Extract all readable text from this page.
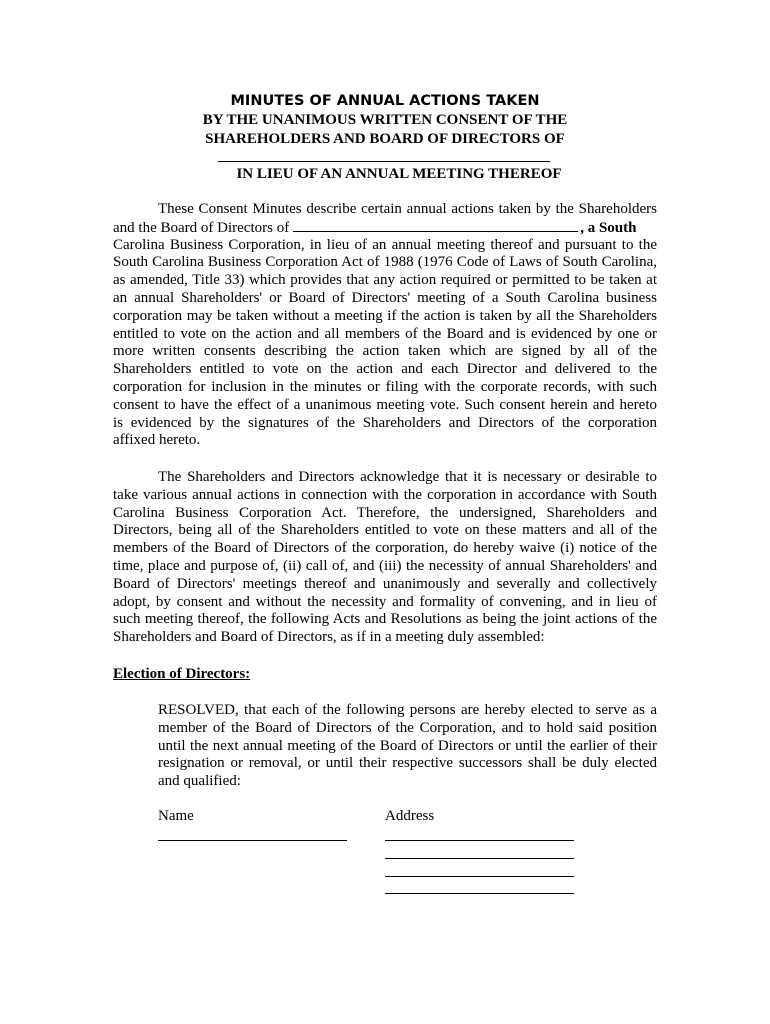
MINUTES OF ANNUAL ACTIONS TAKEN
BY THE UNANIMOUS WRITTEN CONSENT OF THE
SHAREHOLDERS AND BOARD OF DIRECTORS OF
IN LIEU OF AN ANNUAL MEETING THEREOF
These Consent Minutes describe certain annual actions taken by the Shareholders
and the Board of Directors of	, a South
Carolina Business Corporation, in lieu of an annual meeting thereof and pursuant to the
South Carolina Business Corporation Act of 1988 (1976 Code of Laws of South Carolina,
as amended, Title 33) which provides that any action required or permitted to be taken at
an annual Shareholders' or Board of Directors' meeting of a South Carolina business
corporation may be taken without a meeting if the action is taken by all the Shareholders
entitled to vote on the action and all members of the Board and is evidenced by one or
more written consents describing the action taken which are signed by all of the
Shareholders entitled to vote on the action and each Director and delivered to the
corporation for inclusion in the minutes or filing with the corporate records, with such
consent to have the effect of a unanimous meeting vote. Such consent herein and hereto
is evidenced by the signatures of the Shareholders and Directors of the corporation
affixed hereto.
The Shareholders and Directors acknowledge that it is necessary or desirable to
take various annual actions in connection with the corporation in accordance with South
Carolina Business Corporation Act. Therefore, the undersigned, Shareholders and
Directors, being all of the Shareholders entitled to vote on these matters and all of the
members of the Board of Directors of the corporation, do hereby waive (i) notice of the
time, place and purpose of, (ii) call of, and (iii) the necessity of annual Shareholders' and
Board of Directors' meetings thereof and unanimously and severally and collectively
adopt, by consent and without the necessity and formality of convening, and in lieu of
such meeting thereof, the following Acts and Resolutions as being the joint actions of the
Shareholders and Board of Directors, as if in a meeting duly assembled:
Election of Directors:
RESOLVED, that each of the following persons are hereby elected to serve as a
member of the Board of Directors of the Corporation, and to hold said position
until the next annual meeting of the Board of Directors or until the earlier of their
resignation or removal, or until their respective successors shall be duly elected
and qualified:
Name	Address
